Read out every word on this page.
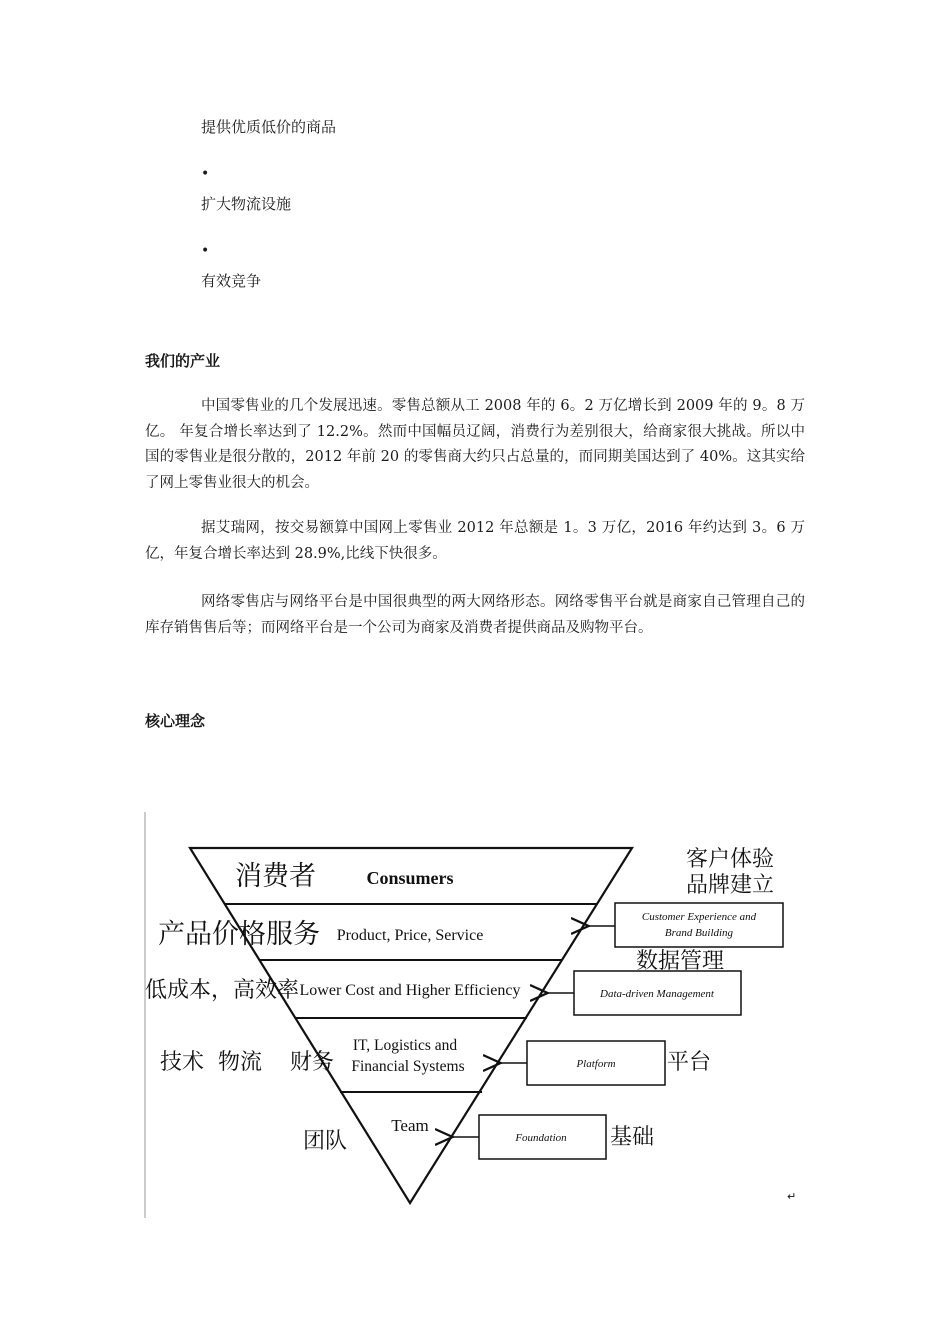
提供优质低价的商品
•
扩大物流设施
•
有效竞争
我们的产业

中国零售业的几个发展迅速。零售总额从工 2008 年的 6。2 万亿增长到 2009 年的 9。8 万亿。 年复合增长率达到了 12.2%。然而中国幅员辽阔，消费行为差别很大，给商家很大挑战。所以中国的零售业是很分散的，2012 年前 20 的零售商大约只占总量的，而同期美国达到了 40%。这其实给了网上零售业很大的机会。

据艾瑞网，按交易额算中国网上零售业 2012 年总额是 1。3 万亿，2016 年约达到 3。6 万亿，年复合增长率达到 28.9%,比线下快很多。

网络零售店与网络平台是中国很典型的两大网络形态。网络零售平台就是商家自己管理自己的库存销售售后等；而网络平台是一个公司为商家及消费者提供商品及购物平台。

核心理念
Consumers
Product, Price, Service
Lower Cost and Higher Efficiency
IT, Logistics and
Financial Systems
Team
Customer Experience and
Brand Building
Data-driven Management
Platform
Foundation
↵
消费者
产品价格服务
低成本，高效率
技术  物流    财务
团队
客户体验
品牌建立
数据管理
平台
基础
